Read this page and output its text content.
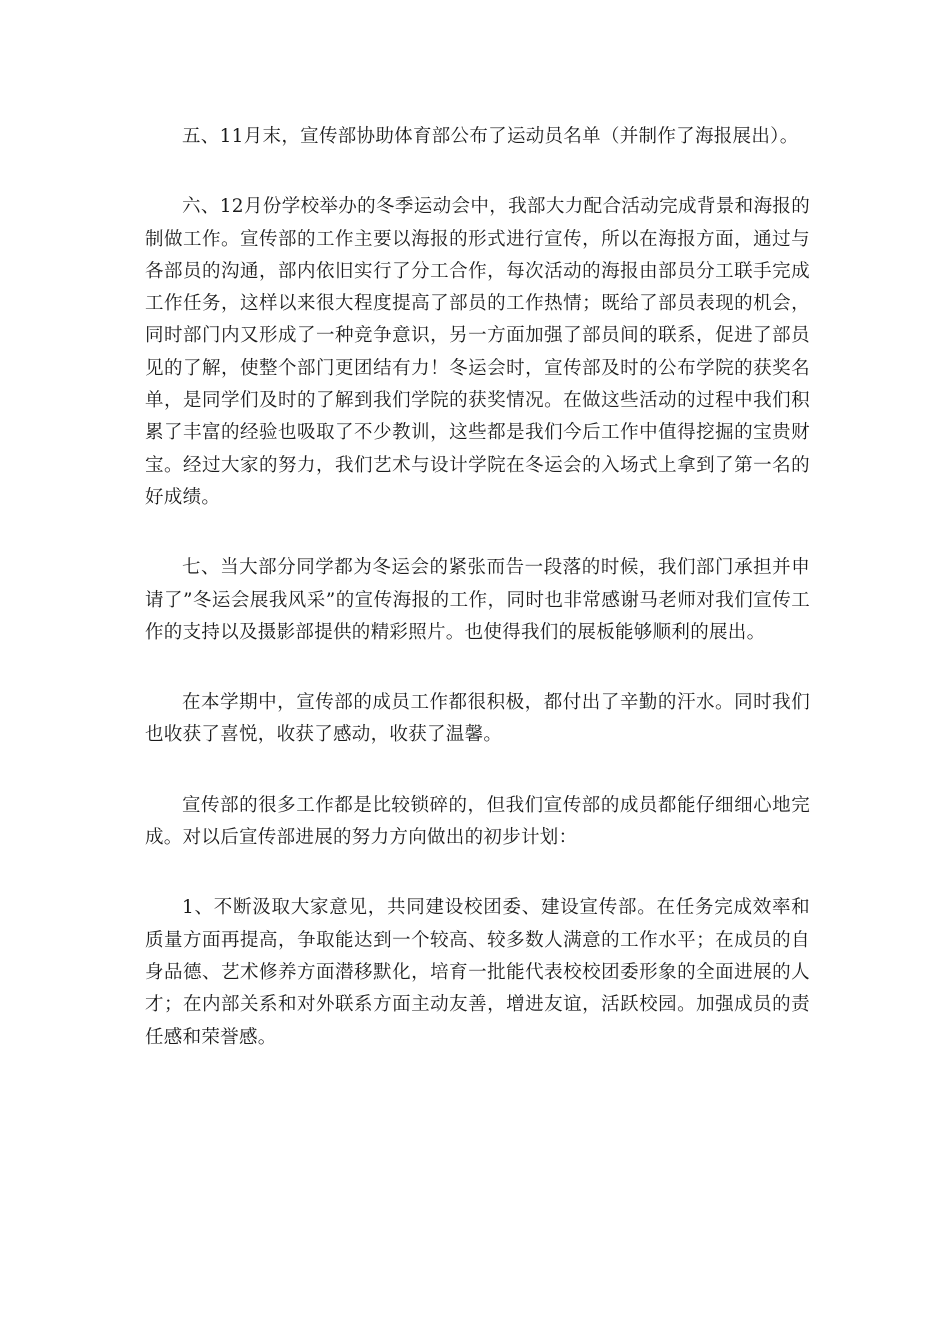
五、11月末，宣传部协助体育部公布了运动员名单（并制作了海报展出）。

六、12月份学校举办的冬季运动会中，我部大力配合活动完成背景和海报的制做工作。宣传部的工作主要以海报的形式进行宣传，所以在海报方面，通过与各部员的沟通，部内依旧实行了分工合作，每次活动的海报由部员分工联手完成工作任务，这样以来很大程度提高了部员的工作热情；既给了部员表现的机会，同时部门内又形成了一种竞争意识，另一方面加强了部员间的联系，促进了部员见的了解，使整个部门更团结有力！冬运会时，宣传部及时的公布学院的获奖名单，是同学们及时的了解到我们学院的获奖情况。在做这些活动的过程中我们积累了丰富的经验也吸取了不少教训，这些都是我们今后工作中值得挖掘的宝贵财宝。经过大家的努力，我们艺术与设计学院在冬运会的入场式上拿到了第一名的好成绩。

七、当大部分同学都为冬运会的紧张而告一段落的时候，我们部门承担并申请了”冬运会展我风采”的宣传海报的工作，同时也非常感谢马老师对我们宣传工作的支持以及摄影部提供的精彩照片。也使得我们的展板能够顺利的展出。

在本学期中，宣传部的成员工作都很积极，都付出了辛勤的汗水。同时我们也收获了喜悦，收获了感动，收获了温馨。

宣传部的很多工作都是比较锁碎的，但我们宣传部的成员都能仔细细心地完成。对以后宣传部进展的努力方向做出的初步计划：

1、不断汲取大家意见，共同建设校团委、建设宣传部。在任务完成效率和质量方面再提高，争取能达到一个较高、较多数人满意的工作水平；在成员的自身品德、艺术修养方面潜移默化，培育一批能代表校校团委形象的全面进展的人才；在内部关系和对外联系方面主动友善，增进友谊，活跃校园。加强成员的责任感和荣誉感。
